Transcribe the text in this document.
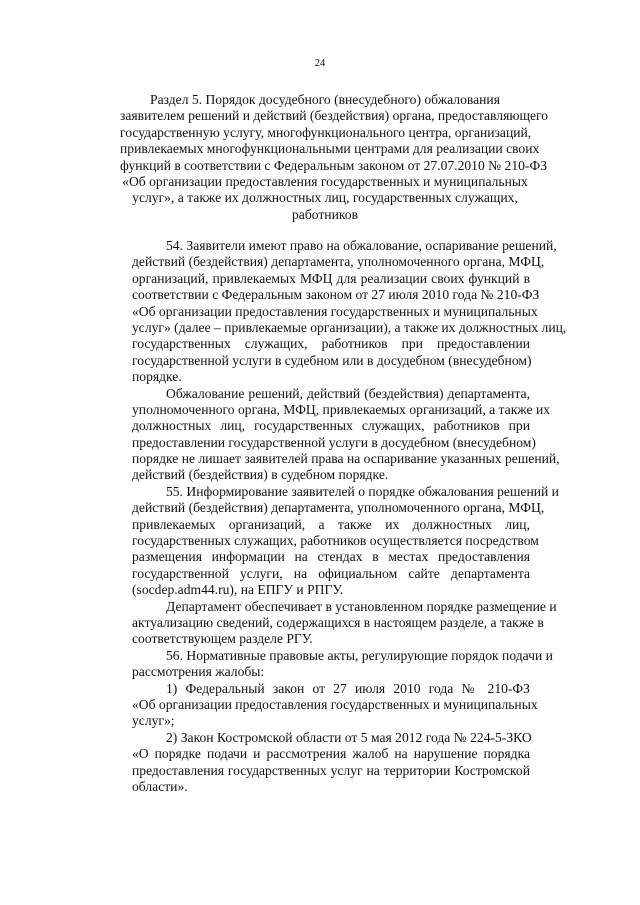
24
Раздел 5. Порядок досудебного (внесудебного) обжалования
заявителем решений и действий (бездействия) органа, предоставляющего
государственную услугу, многофункционального центра, организаций,
привлекаемых многофункциональными центрами для реализации своих
функций в соответствии с Федеральным законом от 27.07.2010 № 210-ФЗ
«Об организации предоставления государственных и муниципальных
услуг», а также их должностных лиц, государственных служащих,
работников
54. Заявители имеют право на обжалование, оспаривание решений,
действий (бездействия) департамента, уполномоченного органа, МФЦ,
организаций, привлекаемых МФЦ для реализации своих функций в
соответствии с Федеральным законом от 27 июля 2010 года № 210-ФЗ
«Об организации предоставления государственных и муниципальных
услуг» (далее – привлекаемые организации), а также их должностных лиц,
государственных служащих, работников при предоставлении
государственной услуги в судебном или в досудебном (внесудебном)
порядке.
Обжалование решений, действий (бездействия) департамента,
уполномоченного органа, МФЦ, привлекаемых организаций, а также их
должностных лиц, государственных служащих, работников при
предоставлении государственной услуги в досудебном (внесудебном)
порядке не лишает заявителей права на оспаривание указанных решений,
действий (бездействия) в судебном порядке.
55. Информирование заявителей о порядке обжалования решений и
действий (бездействия) департамента, уполномоченного органа, МФЦ,
привлекаемых организаций, а также их должностных лиц,
государственных служащих, работников осуществляется посредством
размещения информации на стендах в местах предоставления
государственной услуги, на официальном сайте департамента
(socdep.adm44.ru), на ЕПГУ и РПГУ.
Департамент обеспечивает в установленном порядке размещение и
актуализацию сведений, содержащихся в настоящем разделе, а также в
соответствующем разделе РГУ.
56. Нормативные правовые акты, регулирующие порядок подачи и
рассмотрения жалобы:
1) Федеральный закон от 27 июля 2010 года № 210-ФЗ
«Об организации предоставления государственных и муниципальных
услуг»;
2) Закон Костромской области от 5 мая 2012 года № 224-5-ЗКО
«О порядке подачи и рассмотрения жалоб на нарушение порядка
предоставления государственных услуг на территории Костромской
области».
